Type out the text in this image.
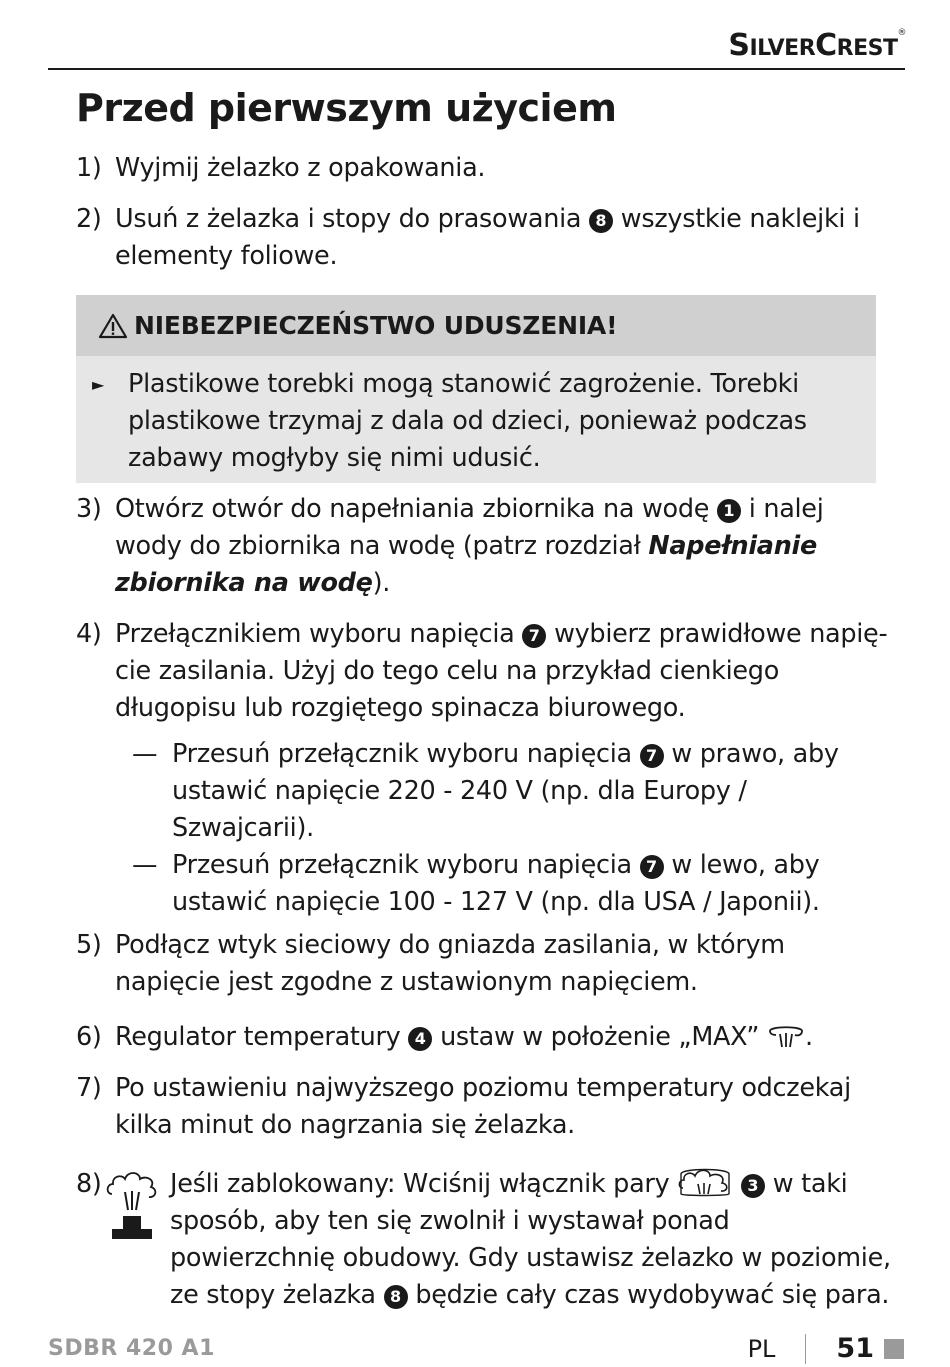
SILVERCREST®
Przed pierwszym użyciem

1) Wyjmij żelazko z opakowania.

2) Usuń z żelazka i stopy do prasowania 8 wszystkie naklejki i elementy foliowe.

NIEBEZPIECZEŃSTWO UDUSZENIA!
► Plastikowe torebki mogą stanowić zagrożenie. Torebki plastikowe trzymaj z dala od dzieci, ponieważ podczas zabawy mogłyby się nimi udusić.

3) Otwórz otwór do napełniania zbiornika na wodę 1 i nalej wody do zbiornika na wodę (patrz rozdział Napełnianie zbiornika na wodę).

4) Przełącznikiem wyboru napięcia 7 wybierz prawidłowe napięcie zasilania. Użyj do tego celu na przykład cienkiego długopisu lub rozgiętego spinacza biurowego.

— Przesuń przełącznik wyboru napięcia 7 w prawo, aby ustawić napięcie 220 - 240 V (np. dla Europy / Szwajcarii).

— Przesuń przełącznik wyboru napięcia 7 w lewo, aby ustawić napięcie 100 - 127 V (np. dla USA / Japonii).

5) Podłącz wtyk sieciowy do gniazda zasilania, w którym napięcie jest zgodne z ustawionym napięciem.

6) Regulator temperatury 4 ustaw w położenie „MAX” .

7) Po ustawieniu najwyższego poziomu temperatury odczekaj kilka minut do nagrzania się żelazka.

8)	Jeśli zablokowany: Wciśnij włącznik pary	3 w taki sposób, aby ten się zwolnił i wystawał ponad powierzchnię obudowy. Gdy ustawisz żelazko w poziomie, ze stopy żelazka 8 będzie cały czas wydobywać się para.
SDBR 420 A1	PL 51
